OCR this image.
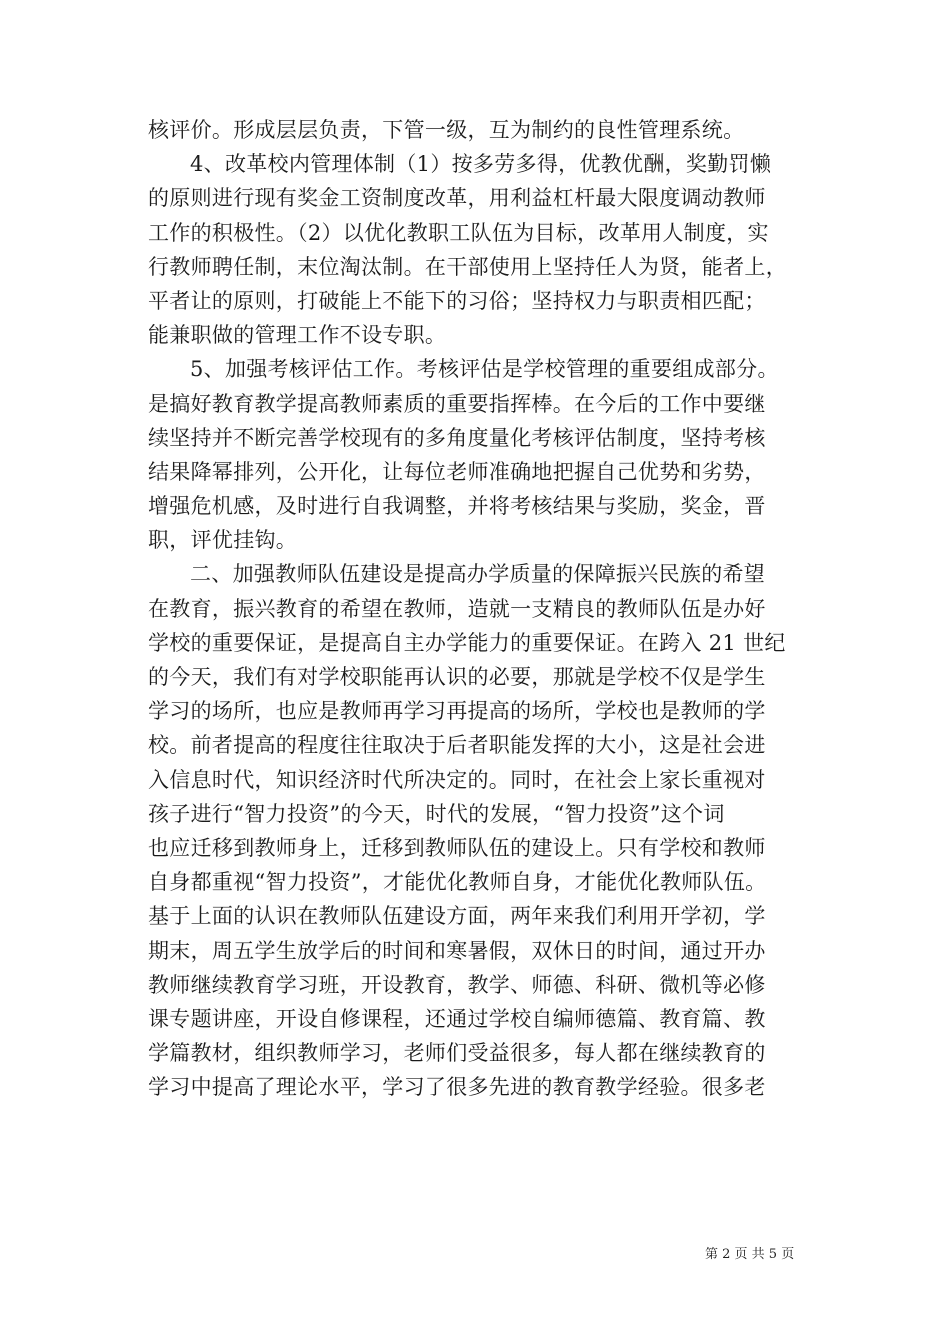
核评价。形成层层负责，下管一级，互为制约的良性管理系统。
4、改革校内管理体制（1）按多劳多得，优教优酬，奖勤罚懒
的原则进行现有奖金工资制度改革，用利益杠杆最大限度调动教师
工作的积极性。（2）以优化教职工队伍为目标，改革用人制度，实
行教师聘任制，末位淘汰制。在干部使用上坚持任人为贤，能者上，
平者让的原则，打破能上不能下的习俗；坚持权力与职责相匹配；
能兼职做的管理工作不设专职。
5、加强考核评估工作。考核评估是学校管理的重要组成部分。
是搞好教育教学提高教师素质的重要指挥棒。在今后的工作中要继
续坚持并不断完善学校现有的多角度量化考核评估制度，坚持考核
结果降幂排列，公开化，让每位老师准确地把握自己优势和劣势，
增强危机感，及时进行自我调整，并将考核结果与奖励，奖金，晋
职，评优挂钩。
二、加强教师队伍建设是提高办学质量的保障振兴民族的希望
在教育，振兴教育的希望在教师，造就一支精良的教师队伍是办好
学校的重要保证，是提高自主办学能力的重要保证。在跨入 21 世纪
的今天，我们有对学校职能再认识的必要，那就是学校不仅是学生
学习的场所，也应是教师再学习再提高的场所，学校也是教师的学
校。前者提高的程度往往取决于后者职能发挥的大小，这是社会进
入信息时代，知识经济时代所决定的。同时，在社会上家长重视对
孩子进行“智力投资”的今天，时代的发展，“智力投资”这个词
也应迁移到教师身上，迁移到教师队伍的建设上。只有学校和教师
自身都重视“智力投资”，才能优化教师自身，才能优化教师队伍。
基于上面的认识在教师队伍建设方面，两年来我们利用开学初，学
期末，周五学生放学后的时间和寒暑假，双休日的时间，通过开办
教师继续教育学习班，开设教育，教学、师德、科研、微机等必修
课专题讲座，开设自修课程，还通过学校自编师德篇、教育篇、教
学篇教材，组织教师学习，老师们受益很多，每人都在继续教育的
学习中提高了理论水平，学习了很多先进的教育教学经验。很多老
第 2 页 共 5 页
